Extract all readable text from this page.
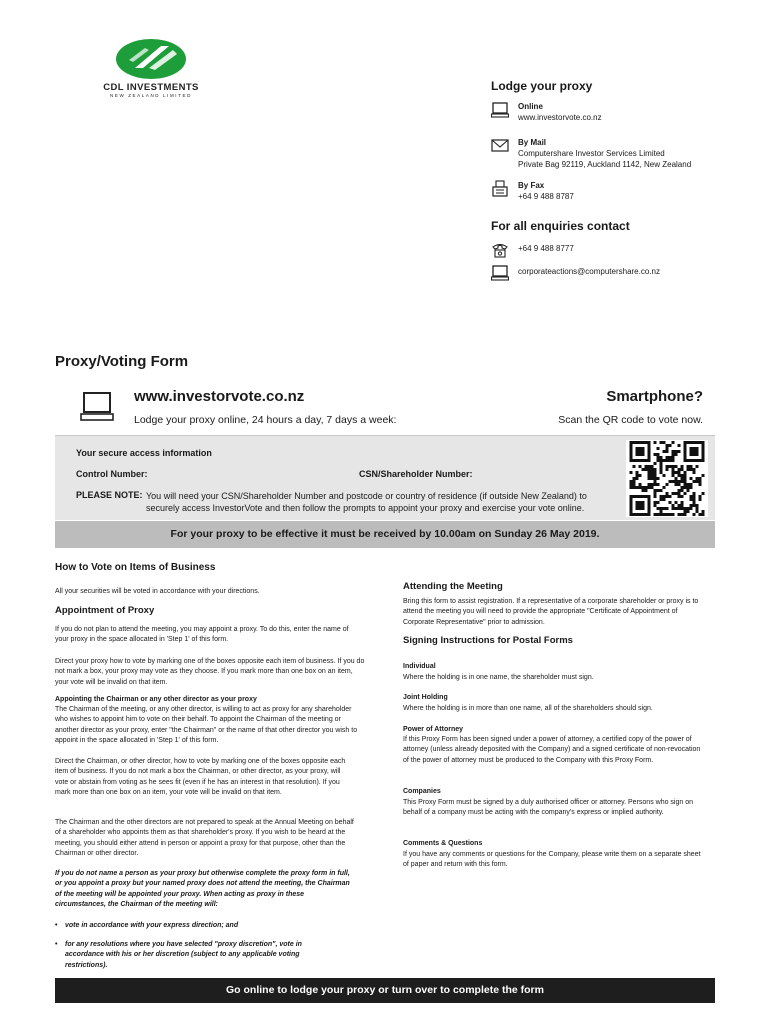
CDL INVESTMENTS
NEW ZEALAND LIMITED
Lodge your proxy
Online
www.investorvote.co.nz
By Mail
Computershare Investor Services Limited
Private Bag 92119, Auckland 1142, New Zealand
By Fax
+64 9 488 8787
For all enquiries contact
+64 9 488 8777
corporateactions@computershare.co.nz
Proxy/Voting Form
www.investorvote.co.nz
Lodge your proxy online, 24 hours a day, 7 days a week:
Smartphone?
Scan the QR code to vote now.
Your secure access information
Control Number:	CSN/Shareholder Number:
PLEASE NOTE: You will need your CSN/Shareholder Number and postcode or country of residence (if outside New Zealand) to securely access InvestorVote and then follow the prompts to appoint your proxy and exercise your vote online.
For your proxy to be effective it must be received by 10.00am on Sunday 26 May 2019.
How to Vote on Items of Business
All your securities will be voted in accordance with your directions.
Appointment of Proxy
If you do not plan to attend the meeting, you may appoint a proxy. To do this, enter the name of your proxy in the space allocated in 'Step 1' of this form.
Direct your proxy how to vote by marking one of the boxes opposite each item of business. If you do not mark a box, your proxy may vote as they choose. If you mark more than one box on an item, your vote will be invalid on that item.
Appointing the Chairman or any other director as your proxy
The Chairman of the meeting, or any other director, is willing to act as proxy for any shareholder who wishes to appoint him to vote on their behalf. To appoint the Chairman of the meeting or another director as your proxy, enter "the Chairman" or the name of that other director you wish to appoint in the space allocated in 'Step 1' of this form.
Direct the Chairman, or other director, how to vote by marking one of the boxes opposite each item of business. If you do not mark a box the Chairman, or other director, as your proxy, will vote or abstain from voting as he sees fit (even if he has an interest in that resolution). If you mark more than one box on an item, your vote will be invalid on that item.
The Chairman and the other directors are not prepared to speak at the Annual Meeting on behalf of a shareholder who appoints them as that shareholder's proxy. If you wish to be heard at the meeting, you should either attend in person or appoint a proxy for that purpose, other than the Chairman or other director.
If you do not name a person as your proxy but otherwise complete the proxy form in full, or you appoint a proxy but your named proxy does not attend the meeting, the Chairman of the meeting will be appointed your proxy. When acting as proxy in these circumstances, the Chairman of the meeting will:
• vote in accordance with your express direction; and
• for any resolutions where you have selected "proxy discretion", vote in accordance with his or her discretion (subject to any applicable voting restrictions).
Attending the Meeting
Bring this form to assist registration. If a representative of a corporate shareholder or proxy is to attend the meeting you will need to provide the appropriate "Certificate of Appointment of Corporate Representative" prior to admission.
Signing Instructions for Postal Forms
Individual
Where the holding is in one name, the shareholder must sign.
Joint Holding
Where the holding is in more than one name, all of the shareholders should sign.
Power of Attorney
If this Proxy Form has been signed under a power of attorney, a certified copy of the power of attorney (unless already deposited with the Company) and a signed certificate of non-revocation of the power of attorney must be produced to the Company with this Proxy Form.
Companies
This Proxy Form must be signed by a duly authorised officer or attorney. Persons who sign on behalf of a company must be acting with the company's express or implied authority.
Comments & Questions
If you have any comments or questions for the Company, please write them on a separate sheet of paper and return with this form.
Go online to lodge your proxy or turn over to complete the form
